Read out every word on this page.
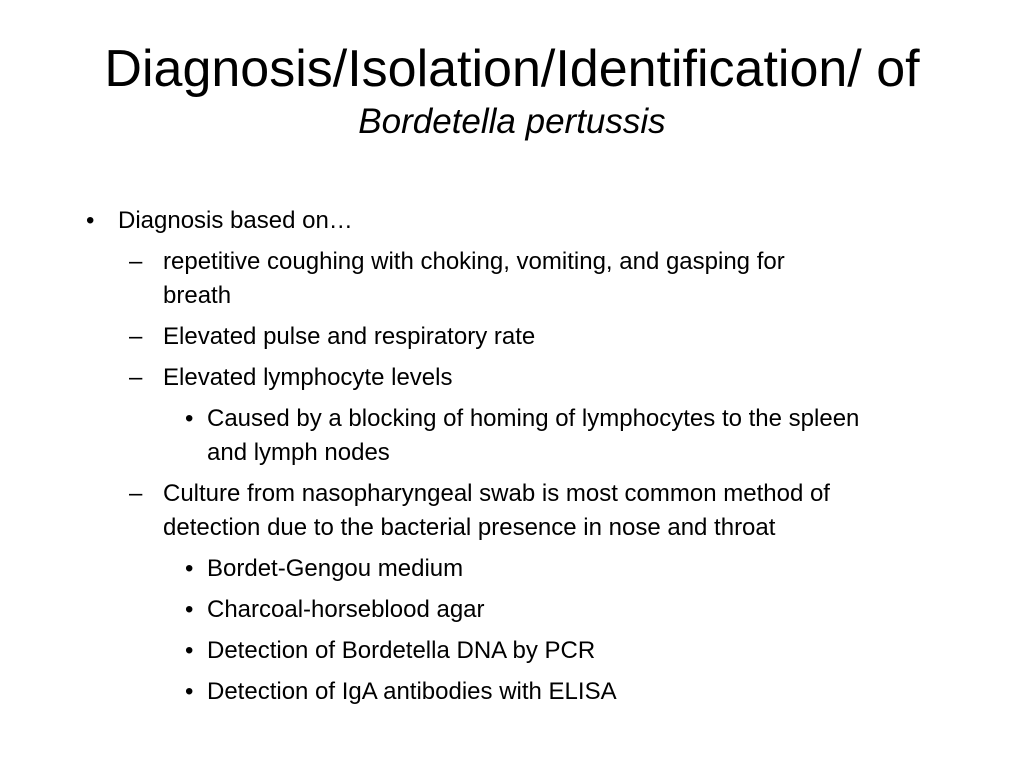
Diagnosis/Isolation/Identification/ of
Bordetella pertussis
• Diagnosis based on…
– repetitive coughing with choking, vomiting, and gasping for
breath
– Elevated pulse and respiratory rate
– Elevated lymphocyte levels
• Caused by a blocking of homing of lymphocytes to the spleen
and lymph nodes
– Culture from nasopharyngeal swab is most common method of
detection due to the bacterial presence in nose and throat
• Bordet-Gengou medium
• Charcoal-horseblood agar
• Detection of Bordetella DNA by PCR
• Detection of IgA antibodies with ELISA
